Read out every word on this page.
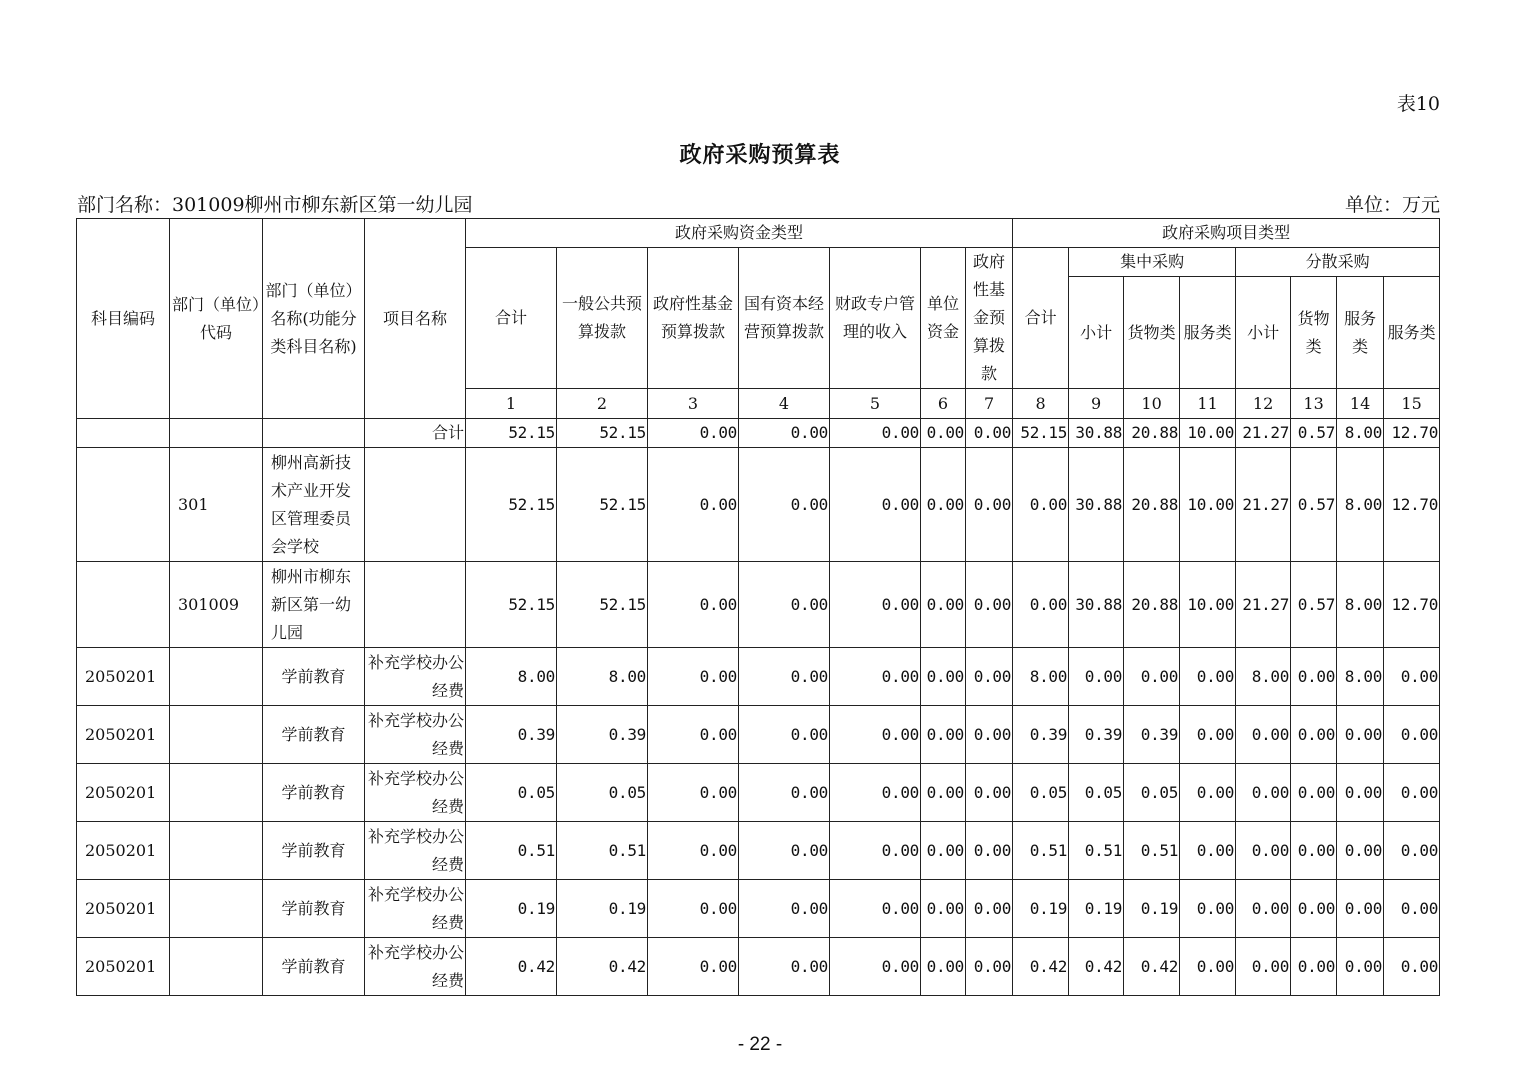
表10
政府采购预算表
部门名称：301009柳州市柳东新区第一幼儿园	单位：万元
科目编码	部门（单位）代码	部门（单位）名称(功能分类科目名称)	项目名称	政府采购资金类型							政府采购项目类型							
				合计	一般公共预算拨款	政府性基金预算拨款	国有资本经营预算拨款	财政专户管理的收入	单位资金	政府性基金预算拨款	合计	集中采购			分散采购			
												小计	货物类	服务类	小计	货物类	服务类	服务类
				1	2	3	4	5	6	7	8	9	10	11	12	13	14	15
			合计	52.15	52.15	0.00	0.00	0.00	0.00	0.00	52.15	30.88	20.88	10.00	21.27	0.57	8.00	12.70
	301	柳州高新技术产业开发区管理委员会学校		52.15	52.15	0.00	0.00	0.00	0.00	0.00	0.00	30.88	20.88	10.00	21.27	0.57	8.00	12.70
	301009	柳州市柳东新区第一幼儿园		52.15	52.15	0.00	0.00	0.00	0.00	0.00	0.00	30.88	20.88	10.00	21.27	0.57	8.00	12.70
2050201		学前教育	补充学校办公经费	8.00	8.00	0.00	0.00	0.00	0.00	0.00	8.00	0.00	0.00	0.00	8.00	0.00	8.00	0.00
2050201		学前教育	补充学校办公经费	0.39	0.39	0.00	0.00	0.00	0.00	0.00	0.39	0.39	0.39	0.00	0.00	0.00	0.00	0.00
2050201		学前教育	补充学校办公经费	0.05	0.05	0.00	0.00	0.00	0.00	0.00	0.05	0.05	0.05	0.00	0.00	0.00	0.00	0.00
2050201		学前教育	补充学校办公经费	0.51	0.51	0.00	0.00	0.00	0.00	0.00	0.51	0.51	0.51	0.00	0.00	0.00	0.00	0.00
2050201		学前教育	补充学校办公经费	0.19	0.19	0.00	0.00	0.00	0.00	0.00	0.19	0.19	0.19	0.00	0.00	0.00	0.00	0.00
2050201		学前教育	补充学校办公经费	0.42	0.42	0.00	0.00	0.00	0.00	0.00	0.42	0.42	0.42	0.00	0.00	0.00	0.00	0.00
- 22 -
